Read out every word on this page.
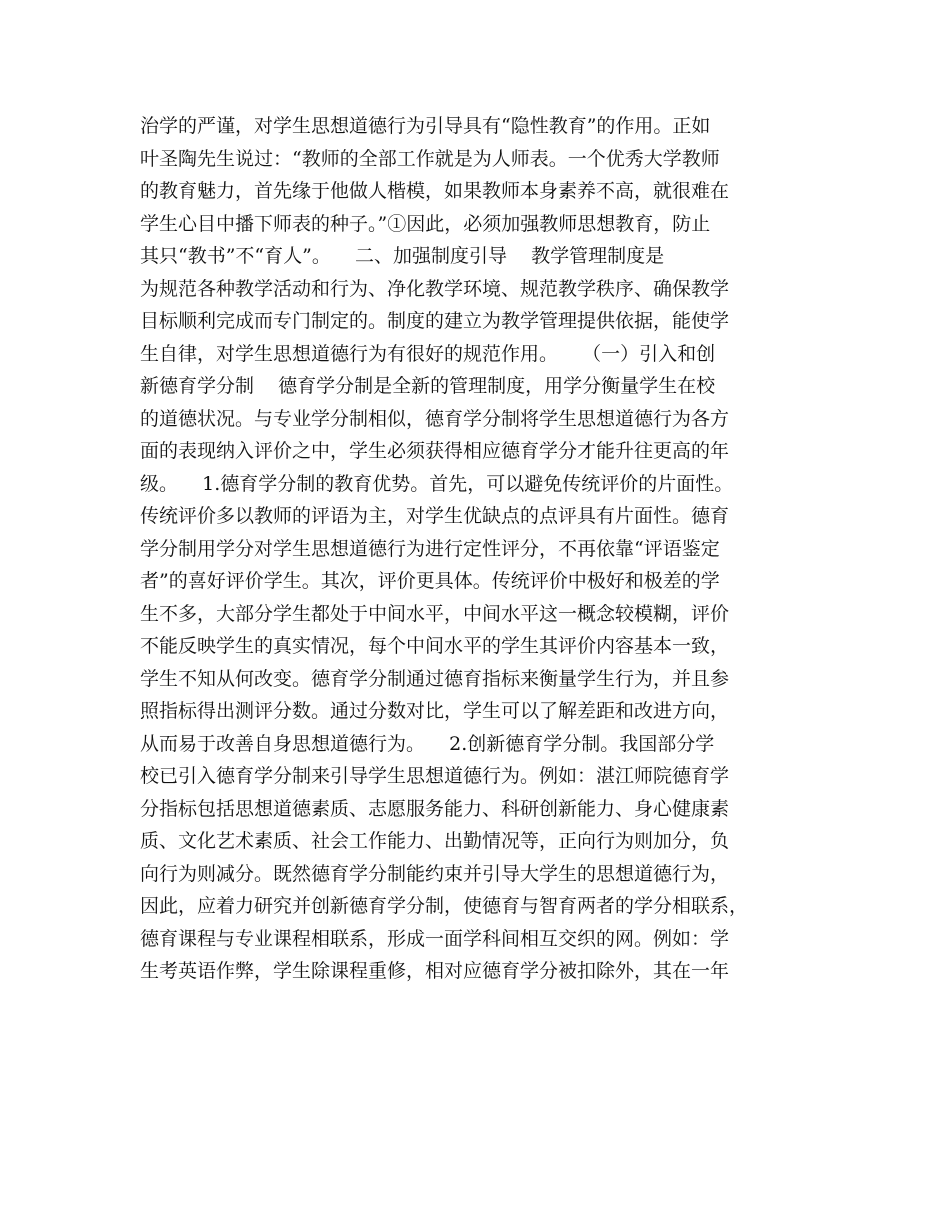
治学的严谨，对学生思想道德行为引导具有“隐性教育”的作用。正如
叶圣陶先生说过：“教师的全部工作就是为人师表。一个优秀大学教师
的教育魅力，首先缘于他做人楷模，如果教师本身素养不高，就很难在
学生心目中播下师表的种子。”①因此，必须加强教师思想教育，防止
其只“教书”不“育人”。    二、加强制度引导    教学管理制度是
为规范各种教学活动和行为、净化教学环境、规范教学秩序、确保教学
目标顺利完成而专门制定的。制度的建立为教学管理提供依据，能使学
生自律，对学生思想道德行为有很好的规范作用。    （一）引入和创
新德育学分制    德育学分制是全新的管理制度，用学分衡量学生在校
的道德状况。与专业学分制相似，德育学分制将学生思想道德行为各方
面的表现纳入评价之中，学生必须获得相应德育学分才能升往更高的年
级。    1.德育学分制的教育优势。首先，可以避免传统评价的片面性。
传统评价多以教师的评语为主，对学生优缺点的点评具有片面性。德育
学分制用学分对学生思想道德行为进行定性评分，不再依靠“评语鉴定
者”的喜好评价学生。其次，评价更具体。传统评价中极好和极差的学
生不多，大部分学生都处于中间水平，中间水平这一概念较模糊，评价
不能反映学生的真实情况，每个中间水平的学生其评价内容基本一致，
学生不知从何改变。德育学分制通过德育指标来衡量学生行为，并且参
照指标得出测评分数。通过分数对比，学生可以了解差距和改进方向，
从而易于改善自身思想道德行为。    2.创新德育学分制。我国部分学
校已引入德育学分制来引导学生思想道德行为。例如：湛江师院德育学
分指标包括思想道德素质、志愿服务能力、科研创新能力、身心健康素
质、文化艺术素质、社会工作能力、出勤情况等，正向行为则加分，负
向行为则减分。既然德育学分制能约束并引导大学生的思想道德行为，
因此，应着力研究并创新德育学分制，使德育与智育两者的学分相联系，
德育课程与专业课程相联系，形成一面学科间相互交织的网。例如：学
生考英语作弊，学生除课程重修，相对应德育学分被扣除外，其在一年
